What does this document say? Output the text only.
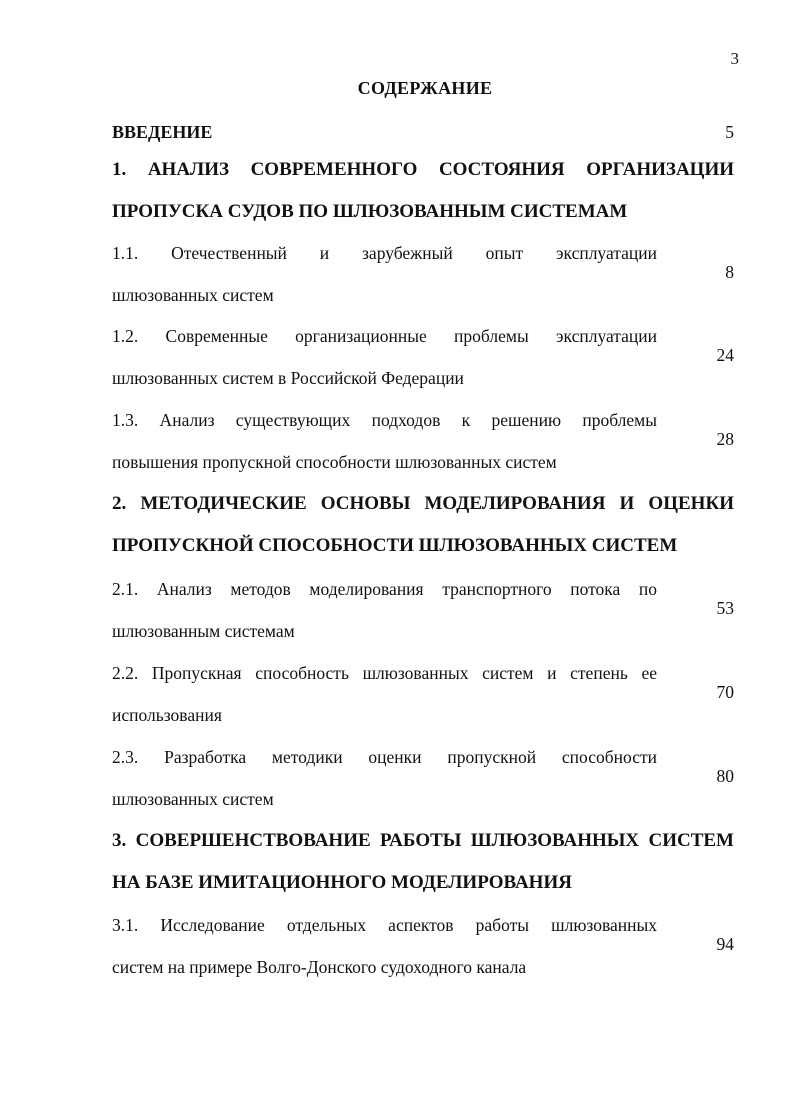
3
СОДЕРЖАНИЕ
ВВЕДЕНИЕ	5
1. АНАЛИЗ СОВРЕМЕННОГО СОСТОЯНИЯ ОРГАНИЗАЦИИ
ПРОПУСКА СУДОВ ПО ШЛЮЗОВАННЫМ СИСТЕМАМ
1.1. Отечественный и зарубежный опыт эксплуатации
шлюзованных систем
8
1.2. Современные организационные проблемы эксплуатации
шлюзованных систем в Российской Федерации
24
1.3. Анализ существующих подходов к решению проблемы
повышения пропускной способности шлюзованных систем
28
2. МЕТОДИЧЕСКИЕ ОСНОВЫ МОДЕЛИРОВАНИЯ И ОЦЕНКИ
ПРОПУСКНОЙ СПОСОБНОСТИ ШЛЮЗОВАННЫХ СИСТЕМ
2.1. Анализ методов моделирования транспортного потока по
шлюзованным системам
53
2.2. Пропускная способность шлюзованных систем и степень ее
использования
70
2.3. Разработка методики оценки пропускной способности
шлюзованных систем
80
3. СОВЕРШЕНСТВОВАНИЕ РАБОТЫ ШЛЮЗОВАННЫХ СИСТЕМ
НА БАЗЕ ИМИТАЦИОННОГО МОДЕЛИРОВАНИЯ
3.1. Исследование отдельных аспектов работы шлюзованных
систем на примере Волго-Донского судоходного канала
94
